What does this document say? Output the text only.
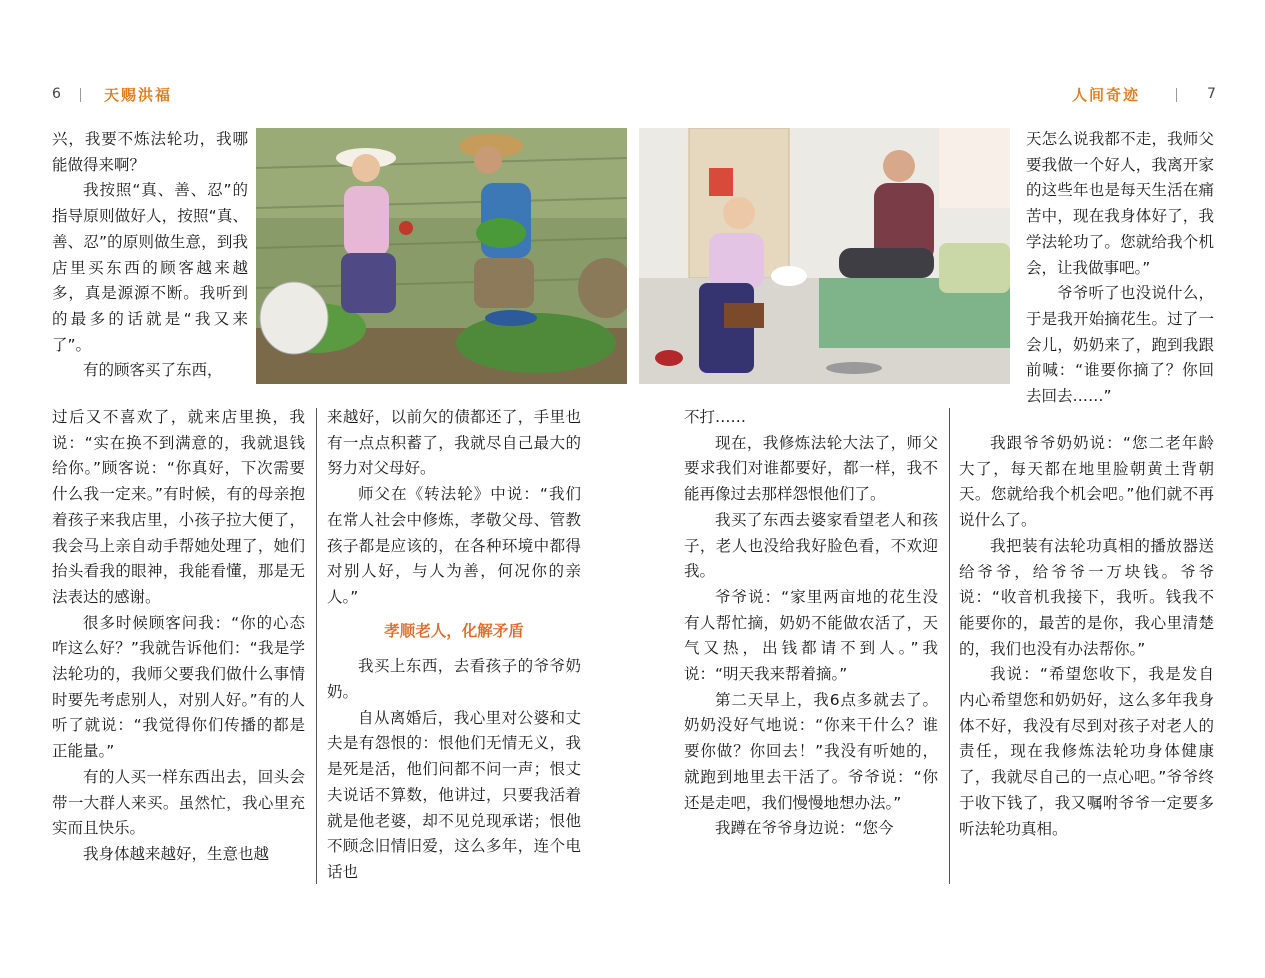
6	天赐洪福	人间奇迹	7

兴，我要不炼法轮功，我哪能做得来啊？

我按照“真、善、忍”的指导原则做好人，按照“真、善、忍”的原则做生意，到我店里买东西的顾客越来越多，真是源源不断。我听到的最多的话就是“我又来了”。

有的顾客买了东西，

过后又不喜欢了，就来店里换，我说：“实在换不到满意的，我就退钱给你。”顾客说：“你真好，下次需要什么我一定来。”有时候，有的母亲抱着孩子来我店里，小孩子拉大便了，我会马上亲自动手帮她处理了，她们抬头看我的眼神，我能看懂，那是无法表达的感谢。

很多时候顾客问我：“你的心态咋这么好？”我就告诉他们：“我是学法轮功的，我师父要我们做什么事情时要先考虑别人，对别人好。”有的人听了就说：“我觉得你们传播的都是正能量。”

有的人买一样东西出去，回头会带一大群人来买。虽然忙，我心里充实而且快乐。

我身体越来越好，生意也越

来越好，以前欠的债都还了，手里也有一点点积蓄了，我就尽自己最大的努力对父母好。

师父在《转法轮》中说：“我们在常人社会中修炼，孝敬父母、管教孩子都是应该的，在各种环境中都得对别人好，与人为善，何况你的亲人。”

孝顺老人，化解矛盾

我买上东西，去看孩子的爷爷奶奶。

自从离婚后，我心里对公婆和丈夫是有怨恨的：恨他们无情无义，我是死是活，他们问都不问一声；恨丈夫说话不算数，他讲过，只要我活着就是他老婆，却不见兑现承诺；恨他不顾念旧情旧爱，这么多年，连个电话也

不打……

现在，我修炼法轮大法了，师父要求我们对谁都要好，都一样，我不能再像过去那样怨恨他们了。

我买了东西去婆家看望老人和孩子，老人也没给我好脸色看，不欢迎我。

爷爷说：“家里两亩地的花生没有人帮忙摘，奶奶不能做农活了，天气又热，出钱都请不到人。”我说：“明天我来帮着摘。”

第二天早上，我6点多就去了。奶奶没好气地说：“你来干什么？谁要你做？你回去！”我没有听她的，就跑到地里去干活了。爷爷说：“你还是走吧，我们慢慢地想办法。”

我蹲在爷爷身边说：“您今

天怎么说我都不走，我师父要我做一个好人，我离开家的这些年也是每天生活在痛苦中，现在我身体好了，我学法轮功了。您就给我个机会，让我做事吧。”

爷爷听了也没说什么，于是我开始摘花生。过了一会儿，奶奶来了，跑到我跟前喊：“谁要你摘了？你回去回去……”

我跟爷爷奶奶说：“您二老年龄大了，每天都在地里脸朝黄土背朝天。您就给我个机会吧。”他们就不再说什么了。

我把装有法轮功真相的播放器送给爷爷，给爷爷一万块钱。爷爷说：“收音机我接下，我听。钱我不能要你的，最苦的是你，我心里清楚的，我们也没有办法帮你。”

我说：“希望您收下，我是发自内心希望您和奶奶好，这么多年我身体不好，我没有尽到对孩子对老人的责任，现在我修炼法轮功身体健康了，我就尽自己的一点心吧。”爷爷终于收下钱了，我又嘱咐爷爷一定要多听法轮功真相。
